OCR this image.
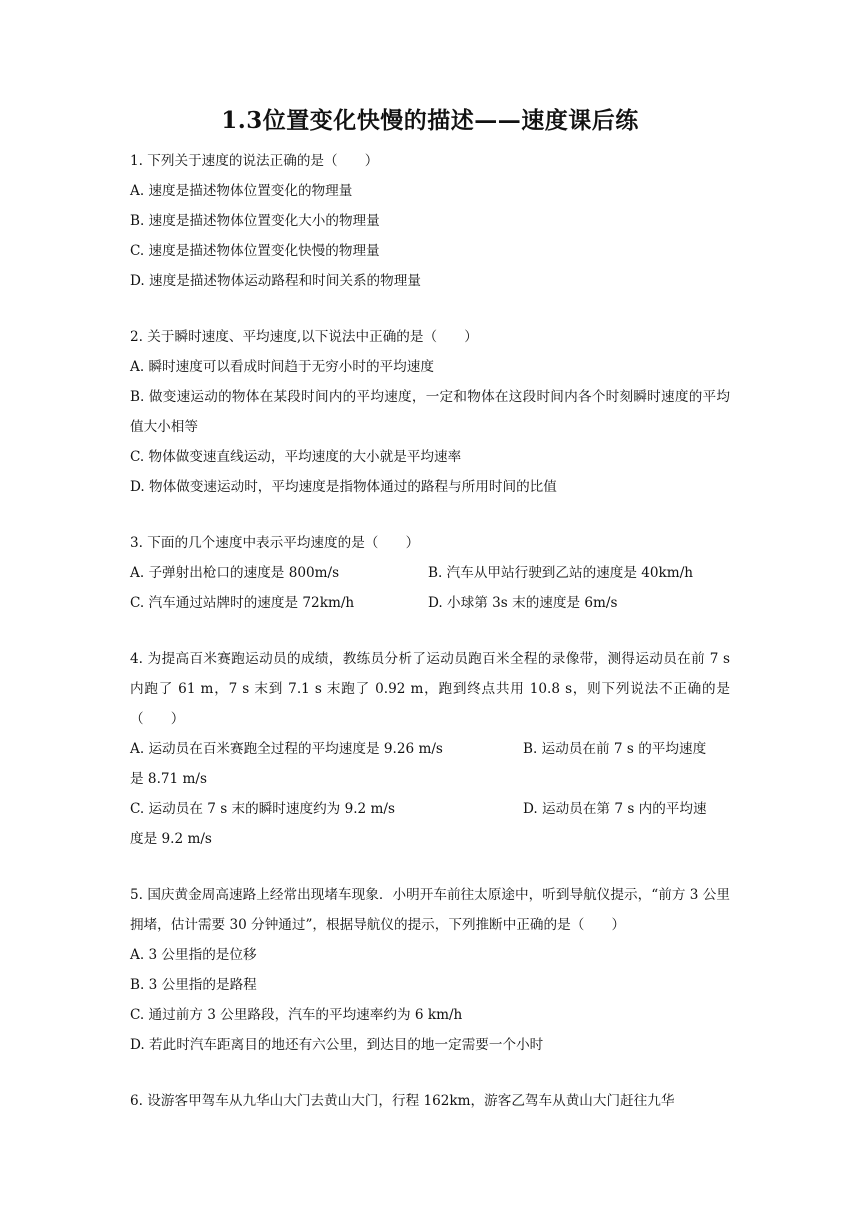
1.3位置变化快慢的描述——速度课后练
1. 下列关于速度的说法正确的是（　　）
A. 速度是描述物体位置变化的物理量
B. 速度是描述物体位置变化大小的物理量
C. 速度是描述物体位置变化快慢的物理量
D. 速度是描述物体运动路程和时间关系的物理量
2. 关于瞬时速度、平均速度,以下说法中正确的是（　　）
A. 瞬时速度可以看成时间趋于无穷小时的平均速度
B. 做变速运动的物体在某段时间内的平均速度，一定和物体在这段时间内各个时刻瞬时速度的平均值大小相等
C. 物体做变速直线运动，平均速度的大小就是平均速率
D. 物体做变速运动时，平均速度是指物体通过的路程与所用时间的比值
3. 下面的几个速度中表示平均速度的是（　　）
A. 子弹射出枪口的速度是 800m/s	B. 汽车从甲站行驶到乙站的速度是 40km/h
C. 汽车通过站牌时的速度是 72km/h	D. 小球第 3s 末的速度是 6m/s
4. 为提高百米赛跑运动员的成绩，教练员分析了运动员跑百米全程的录像带，测得运动员在前 7 s 内跑了 61 m，7 s 末到 7.1 s 末跑了 0.92 m，跑到终点共用 10.8 s，则下列说法不正确的是（　　）
A. 运动员在百米赛跑全过程的平均速度是 9.26 m/s	B. 运动员在前 7 s 的平均速度
是 8.71 m/s
C. 运动员在 7 s 末的瞬时速度约为 9.2 m/s	D. 运动员在第 7 s 内的平均速
度是 9.2 m/s
5. 国庆黄金周高速路上经常出现堵车现象．小明开车前往太原途中，听到导航仪提示，“前方 3 公里拥堵，估计需要 30 分钟通过”，根据导航仪的提示，下列推断中正确的是（　　）
A. 3 公里指的是位移
B. 3 公里指的是路程
C. 通过前方 3 公里路段，汽车的平均速率约为 6 km/h
D. 若此时汽车距离目的地还有六公里，到达目的地一定需要一个小时
6. 设游客甲驾车从九华山大门去黄山大门，行程 162km，游客乙驾车从黄山大门赶往九华
